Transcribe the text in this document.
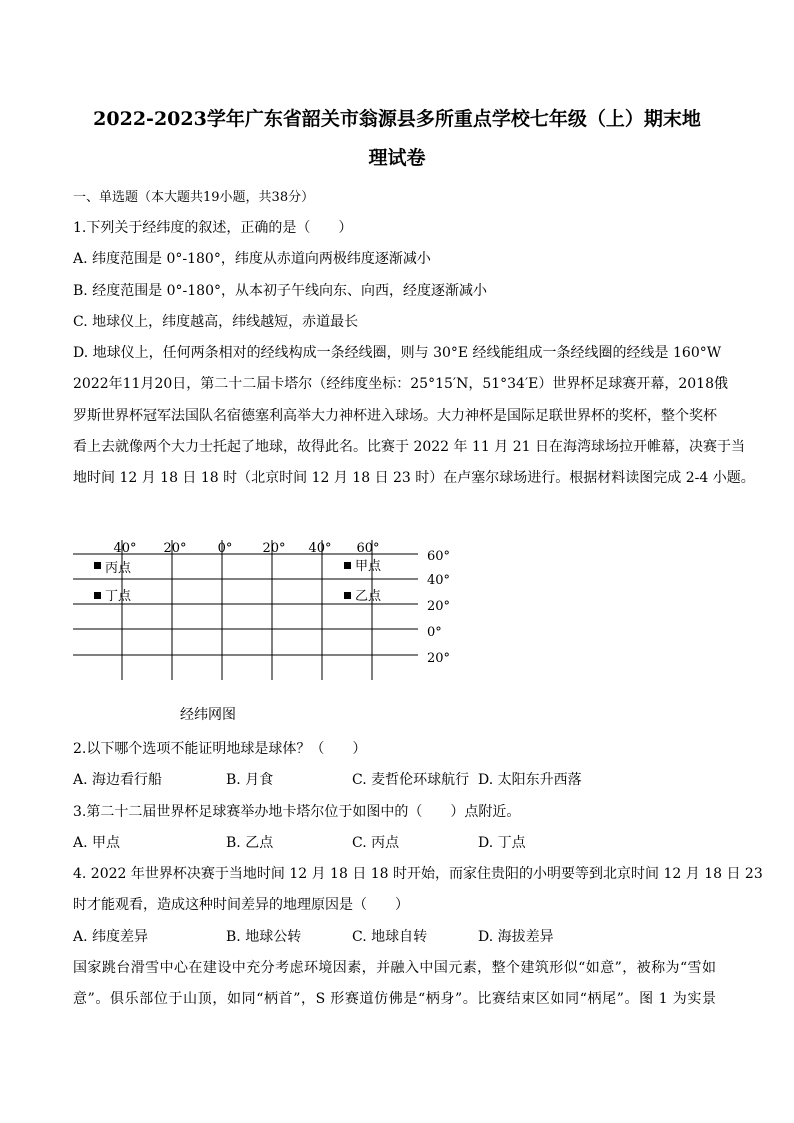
2022-2023学年广东省韶关市翁源县多所重点学校七年级（上）期末地
理试卷
一、单选题（本大题共19小题，共38分）
1.下列关于经纬度的叙述，正确的是（　　）
A. 纬度范围是 0°-180°，纬度从赤道向两极纬度逐渐减小
B. 经度范围是 0°-180°，从本初子午线向东、向西，经度逐渐减小
C. 地球仪上，纬度越高，纬线越短，赤道最长
D. 地球仪上，任何两条相对的经线构成一条经线圈，则与 30°E 经线能组成一条经线圈的经线是 160°W
2022年11月20日，第二十二届卡塔尔（经纬度坐标：25°15′N，51°34′E）世界杯足球赛开幕，2018俄
罗斯世界杯冠军法国队名宿德塞利高举大力神杯进入球场。大力神杯是国际足联世界杯的奖杯，整个奖杯
看上去就像两个大力士托起了地球，故得此名。比赛于 2022 年 11 月 21 日在海湾球场拉开帷幕，决赛于当
地时间 12 月 18 日 18 时（北京时间 12 月 18 日 23 时）在卢塞尔球场进行。根据材料读图完成 2-4 小题。
40° 20° 0° 20° 40° 60°
60°
40°
20°
0°
20°
丙点
丁点
甲点
乙点
经纬网图
2.以下哪个选项不能证明地球是球体？（　　）
A. 海边看行船	B. 月食	C. 麦哲伦环球航行 D. 太阳东升西落
3.第二十二届世界杯足球赛举办地卡塔尔位于如图中的（　　）点附近。
A. 甲点	B. 乙点	C. 丙点	D. 丁点
4. 2022 年世界杯决赛于当地时间 12 月 18 日 18 时开始，而家住贵阳的小明要等到北京时间 12 月 18 日 23
时才能观看，造成这种时间差异的地理原因是（　　）
A. 纬度差异	B. 地球公转	C. 地球自转	D. 海拔差异
国家跳台滑雪中心在建设中充分考虑环境因素，并融入中国元素，整个建筑形似“如意”，被称为“雪如
意”。俱乐部位于山顶，如同“柄首”，S 形赛道仿佛是“柄身”。比赛结束区如同“柄尾”。图 1 为实景
